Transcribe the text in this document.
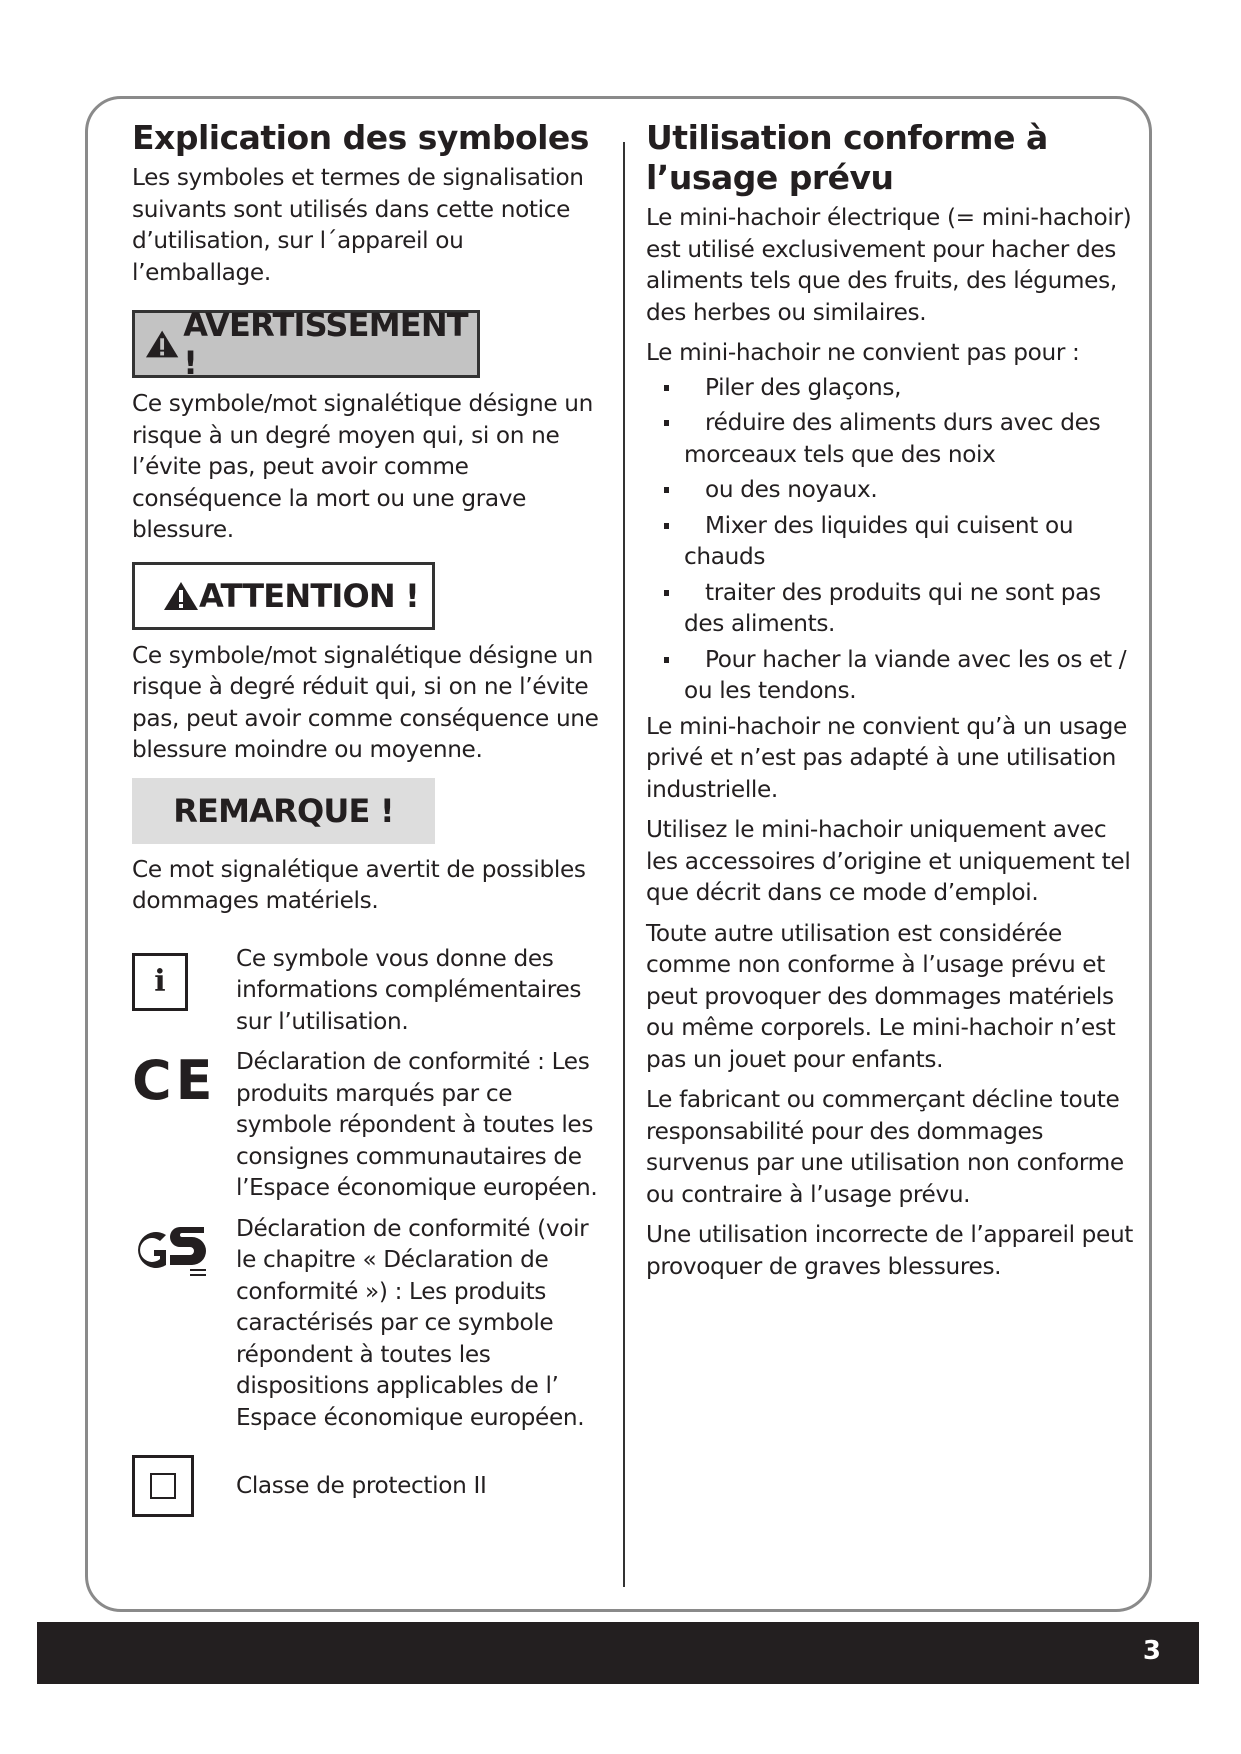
Explication des symboles

Les symboles et termes de signalisation suivants sont utilisés dans cette notice d’utilisation, sur l´appareil ou l’emballage.

AVERTISSEMENT !

Ce symbole/mot signalétique désigne un risque à un degré moyen qui, si on ne l’évite pas, peut avoir comme conséquence la mort ou une grave blessure.

ATTENTION !

Ce symbole/mot signalétique désigne un risque à degré réduit qui, si on ne l’évite pas, peut avoir comme conséquence une blessure moindre ou moyenne.

REMARQUE !

Ce mot signalétique avertit de possibles dommages matériels.

i

Ce symbole vous donne des informations complémentaires sur l’utilisation.

CE Déclaration de conformité : Les produits marqués par ce symbole répondent à toutes les consignes communautaires de l’Espace économique européen.

Déclaration de conformité (voir le chapitre « Déclaration de conformité ») : Les produits caractérisés par ce symbole répondent à toutes les dispositions applicables de l’ Espace économique européen.

Classe de protection II

Utilisation conforme à l’usage prévu

Le mini-hachoir électrique (= mini-hachoir) est utilisé exclusivement pour hacher des aliments tels que des fruits, des légumes, des herbes ou similaires.

Le mini-hachoir ne convient pas pour :

Piler des glaçons,
réduire des aliments durs avec des morceaux tels que des noix
ou des noyaux.
Mixer des liquides qui cuisent ou chauds
traiter des produits qui ne sont pas des aliments.
Pour hacher la viande avec les os et / ou les tendons.

Le mini-hachoir ne convient qu’à un usage privé et n’est pas adapté à une utilisation industrielle.

Utilisez le mini-hachoir uniquement avec les accessoires d’origine et uniquement tel que décrit dans ce mode d’emploi.

Toute autre utilisation est considérée comme non conforme à l’usage prévu et peut provoquer des dommages matériels ou même corporels. Le mini-hachoir n’est pas un jouet pour enfants.

Le fabricant ou commerçant décline toute responsabilité pour des dommages survenus par une utilisation non conforme ou contraire à l’usage prévu.

Une utilisation incorrecte de l’appareil peut provoquer de graves blessures.

3
